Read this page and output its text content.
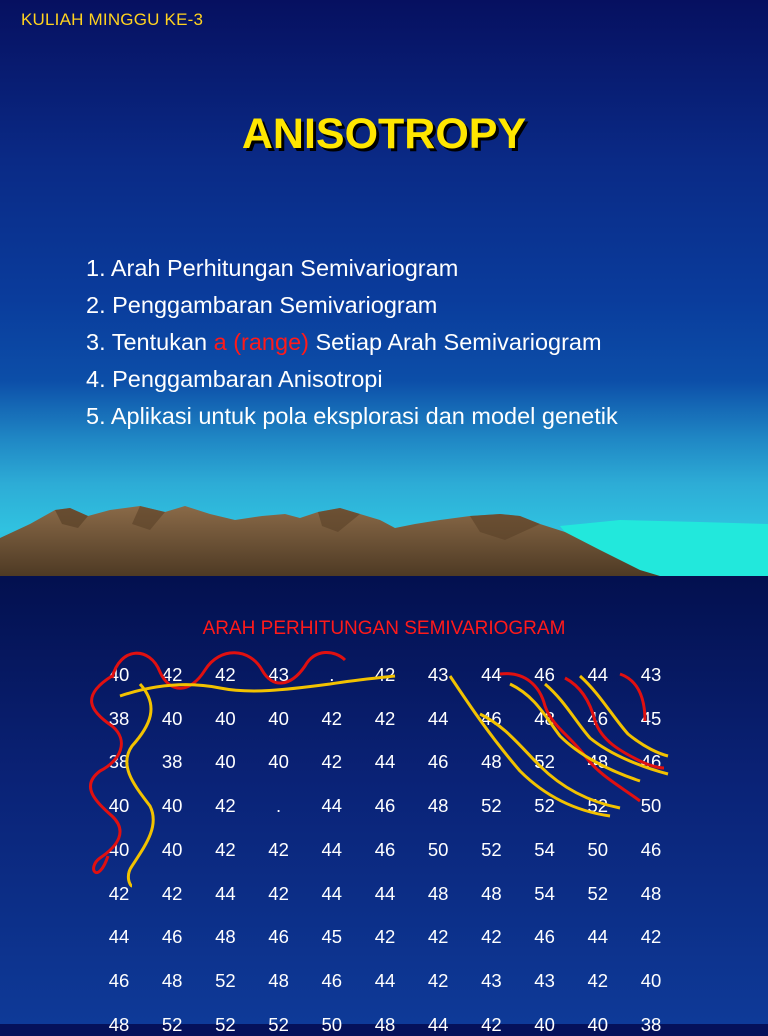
KULIAH MINGGU KE-3
ANISOTROPY
1. Arah Perhitungan Semivariogram
2. Penggambaran Semivariogram
3. Tentukan a (range) Setiap Arah Semivariogram
4. Penggambaran Anisotropi
5. Aplikasi untuk pola eksplorasi dan model genetik
ARAH PERHITUNGAN SEMIVARIOGRAM
40	42	42	43	.	42	43	44	46	44	43
38	40	40	40	42	42	44	46	48	46	45
38	38	40	40	42	44	46	48	52	48	46
40	40	42	.	44	46	48	52	52	52	50
40	40	42	42	44	46	50	52	54	50	46
42	42	44	42	44	44	48	48	54	52	48
44	46	48	46	45	42	42	42	46	44	42
46	48	52	48	46	44	42	43	43	42	40
48	52	52	52	50	48	44	42	40	40	38
